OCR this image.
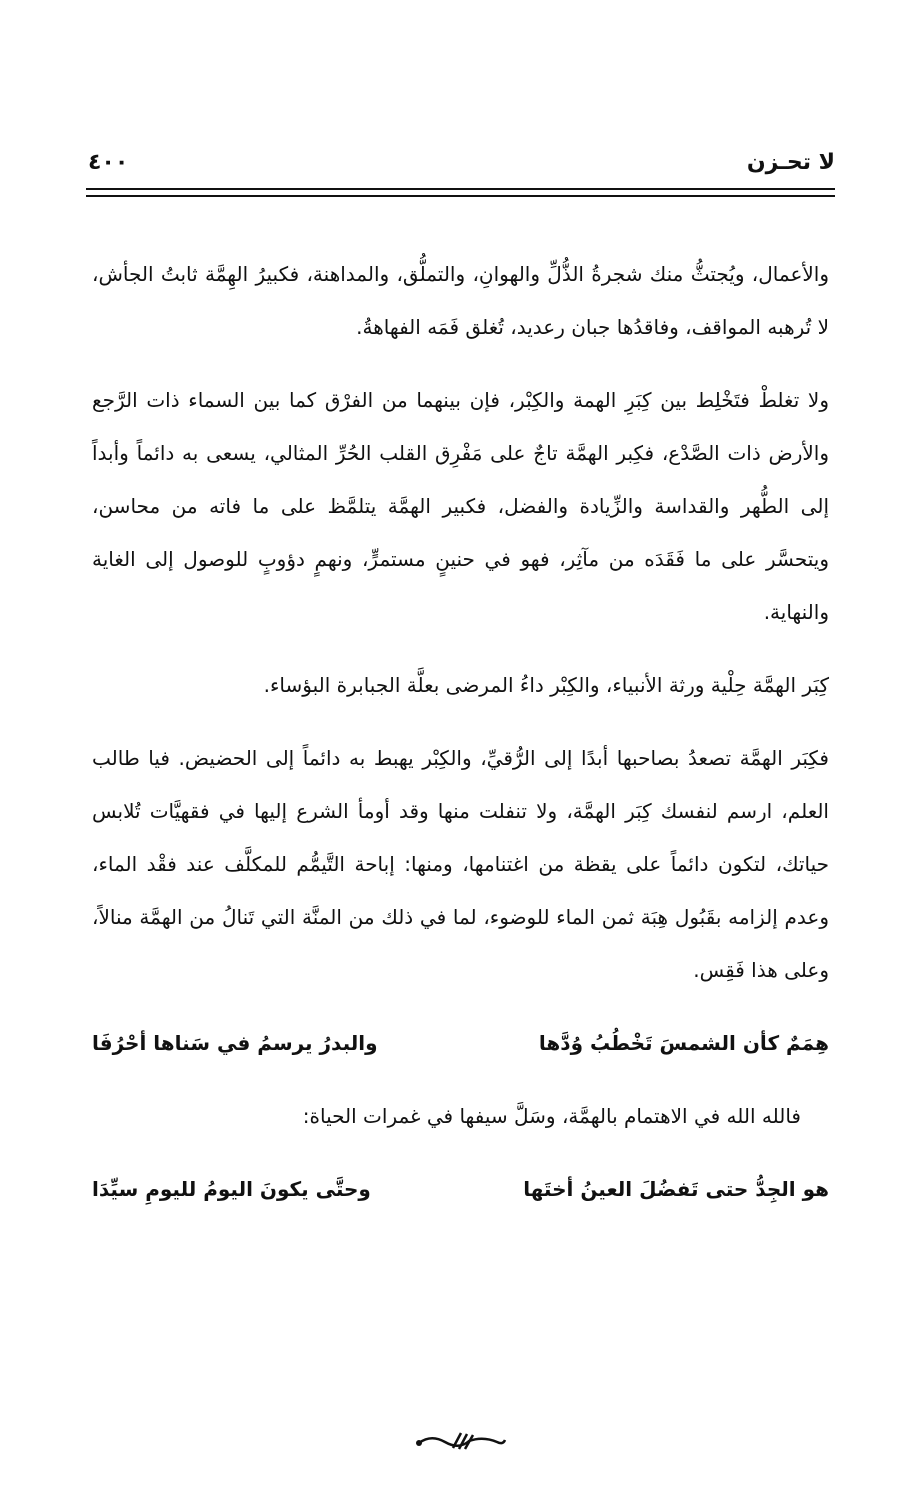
لا تحـزن
٤٠٠

والأعمال، ويُجتثُّ منك شجرةُ الذُّلِّ والهوانِ، والتملُّق، والمداهنة، فكبيرُ الهِمَّة ثابتُ الجأش، لا تُرهبه المواقف، وفاقدُها جبان رعديد، تُغلق فَمَه الفهاهةُ.

ولا تغلطْ فتَخْلِط بين كِبَرِ الهمة والكِبْر، فإن بينهما من الفرْق كما بين السماء ذات الرَّجع والأرض ذات الصَّدْع، فكِبر الهمَّة تاجٌ على مَفْرِق القلب الحُرِّ المثالي، يسعى به دائماً وأبداً إلى الطُّهر والقداسة والزِّيادة والفضل، فكبير الهمَّة يتلمَّظ على ما فاته من محاسن، ويتحسَّر على ما فَقَدَه من مآثِر، فهو في حنينٍ مستمرٍّ، ونهمٍ دؤوبٍ للوصول إلى الغاية والنهاية.

كِبَر الهمَّة حِلْية ورثة الأنبياء، والكِبْر داءُ المرضى بعلَّة الجبابرة البؤساء.

فكِبَر الهمَّة تصعدُ بصاحبها أبدًا إلى الرُّقيِّ، والكِبْر يهبط به دائماً إلى الحضيض. فيا طالب العلم، ارسم لنفسك كِبَر الهمَّة، ولا تنفلت منها وقد أومأ الشرع إليها في فقهيَّات تُلابس حياتك، لتكون دائماً على يقظة من اغتنامها، ومنها: إباحة التَّيمُّم للمكلَّف عند فقْد الماء، وعدم إلزامه بقَبُول هِبَة ثمن الماء للوضوء، لما في ذلك من المنَّة التي تَنالُ من الهمَّة منالاً، وعلى هذا فَقِس.

هِمَمٌ كأن الشمسَ تَخْطُبُ وُدَّها
والبدرُ يرسمُ في سَناها أحْرُفَا

فالله الله في الاهتمام بالهمَّة، وسَلَّ سيفها في غمرات الحياة:

هو الجِدُّ حتى تَفضُلَ العينُ أختَها
وحتَّى يكونَ اليومُ لليومِ سيِّدَا
